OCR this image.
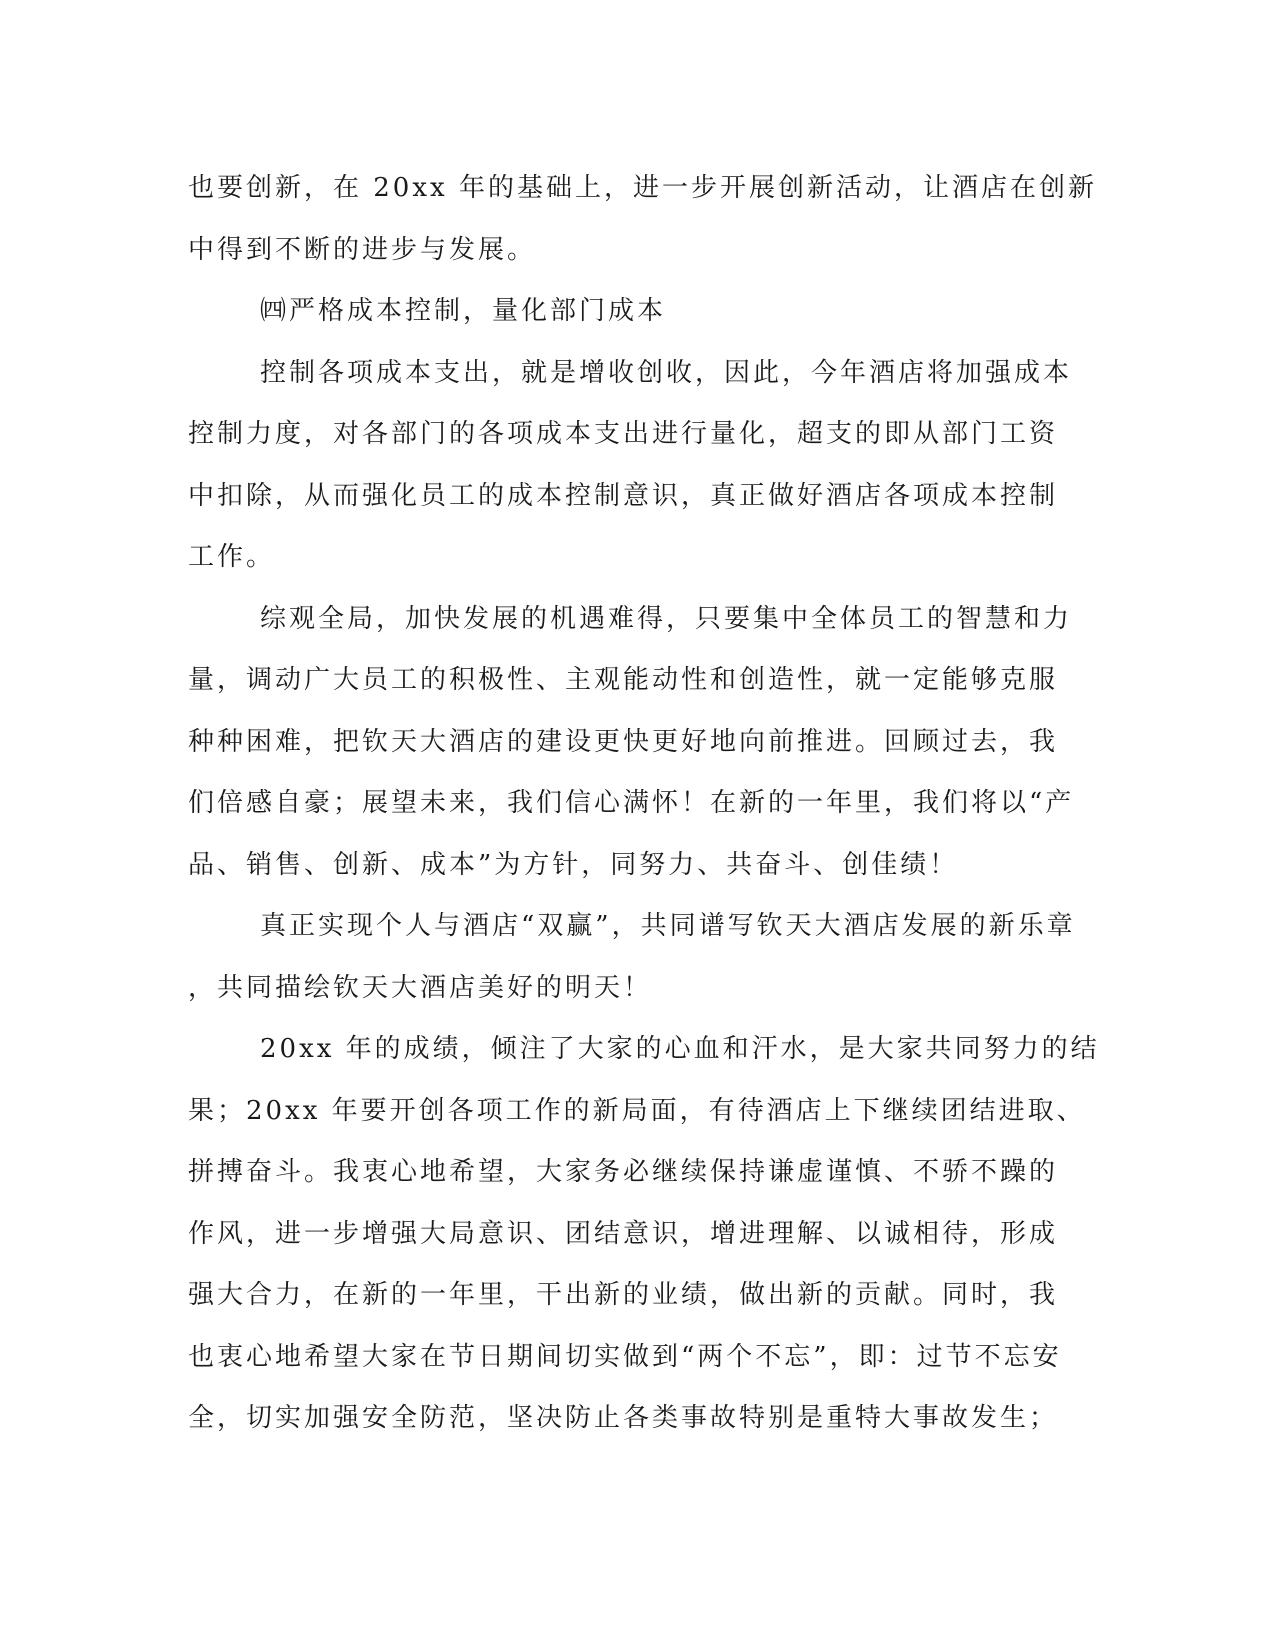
也要创新，在 20xx 年的基础上，进一步开展创新活动，让酒店在创新
中得到不断的进步与发展。
㈣严格成本控制，量化部门成本
控制各项成本支出，就是增收创收，因此，今年酒店将加强成本
控制力度，对各部门的各项成本支出进行量化，超支的即从部门工资
中扣除，从而强化员工的成本控制意识，真正做好酒店各项成本控制
工作。
综观全局，加快发展的机遇难得，只要集中全体员工的智慧和力
量，调动广大员工的积极性、主观能动性和创造性，就一定能够克服
种种困难，把钦天大酒店的建设更快更好地向前推进。回顾过去，我
们倍感自豪；展望未来，我们信心满怀！在新的一年里，我们将以“产
品、销售、创新、成本”为方针，同努力、共奋斗、创佳绩！
真正实现个人与酒店“双赢”，共同谱写钦天大酒店发展的新乐章
，共同描绘钦天大酒店美好的明天！
20xx 年的成绩，倾注了大家的心血和汗水，是大家共同努力的结
果；20xx 年要开创各项工作的新局面，有待酒店上下继续团结进取、
拼搏奋斗。我衷心地希望，大家务必继续保持谦虚谨慎、不骄不躁的
作风，进一步增强大局意识、团结意识，增进理解、以诚相待，形成
强大合力，在新的一年里，干出新的业绩，做出新的贡献。同时，我
也衷心地希望大家在节日期间切实做到“两个不忘”，即：过节不忘安
全，切实加强安全防范，坚决防止各类事故特别是重特大事故发生；
